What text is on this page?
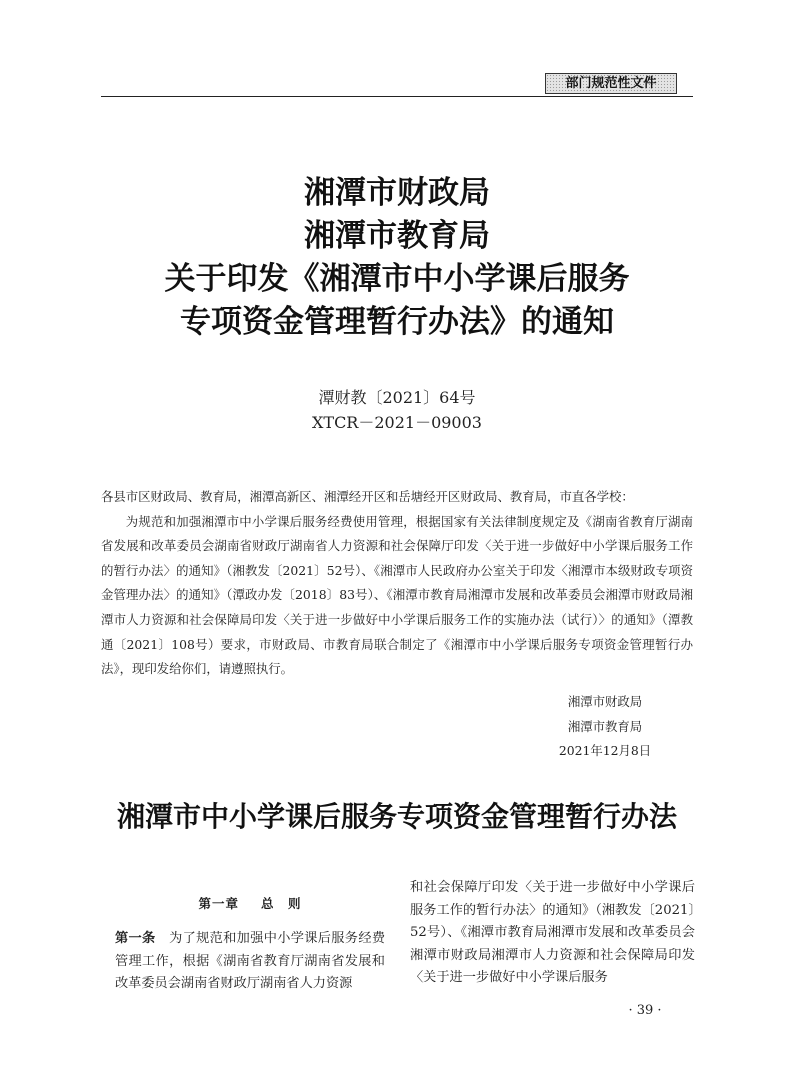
部门规范性文件
湘潭市财政局
湘潭市教育局
关于印发《湘潭市中小学课后服务
专项资金管理暂行办法》的通知
潭财教〔2021〕64号
XTCR－2021－09003

各县市区财政局、教育局，湘潭高新区、湘潭经开区和岳塘经开区财政局、教育局，市直各学校：

为规范和加强湘潭市中小学课后服务经费使用管理，根据国家有关法律制度规定及《湖南省教育厅湖南省发展和改革委员会湖南省财政厅湖南省人力资源和社会保障厅印发〈关于进一步做好中小学课后服务工作的暂行办法〉的通知》（湘教发〔2021〕52号）、《湘潭市人民政府办公室关于印发〈湘潭市本级财政专项资金管理办法〉的通知》（潭政办发〔2018〕83号）、《湘潭市教育局湘潭市发展和改革委员会湘潭市财政局湘潭市人力资源和社会保障局印发〈关于进一步做好中小学课后服务工作的实施办法（试行）〉的通知》（潭教通〔2021〕108号）要求，市财政局、市教育局联合制定了《湘潭市中小学课后服务专项资金管理暂行办法》，现印发给你们，请遵照执行。

湘潭市财政局
湘潭市教育局
2021年12月8日
湘潭市中小学课后服务专项资金管理暂行办法
第一章 总　则
第一条　 为了规范和加强中小学课后服务经费管理工作，根据《湖南省教育厅湖南省发展和改革委员会湖南省财政厅湖南省人力资源
和社会保障厅印发〈关于进一步做好中小学课后服务工作的暂行办法〉的通知》（湘教发〔2021〕52号）、《湘潭市教育局湘潭市发展和改革委员会湘潭市财政局湘潭市人力资源和社会保障局印发〈关于进一步做好中小学课后服务
· 39 ·
